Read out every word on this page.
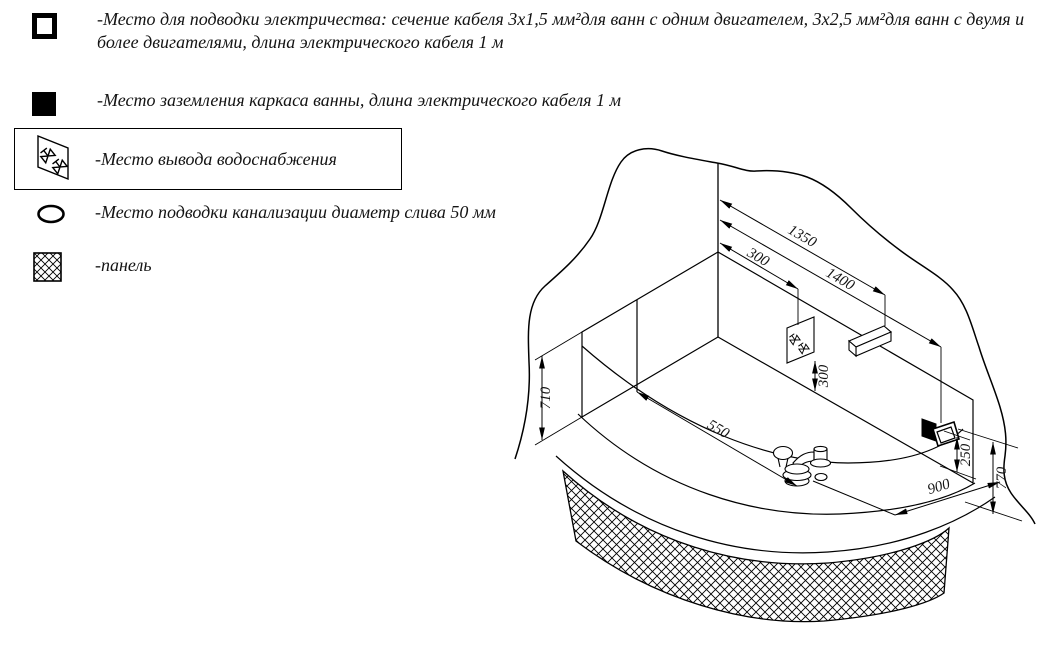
-Место для подводки электричества: сечение кабеля 3х1,5 мм²для ванн с одним двигателем, 3х2,5 мм²для ванн с двумя и более двигателями, длина электрического кабеля 1 м
-Место заземления каркаса ванны, длина электрического кабеля 1 м
-Место вывода водоснабжения
-Место подводки канализации диаметр слива 50 мм
-панель
1350
1400
300
550
300
710
900
250
770
